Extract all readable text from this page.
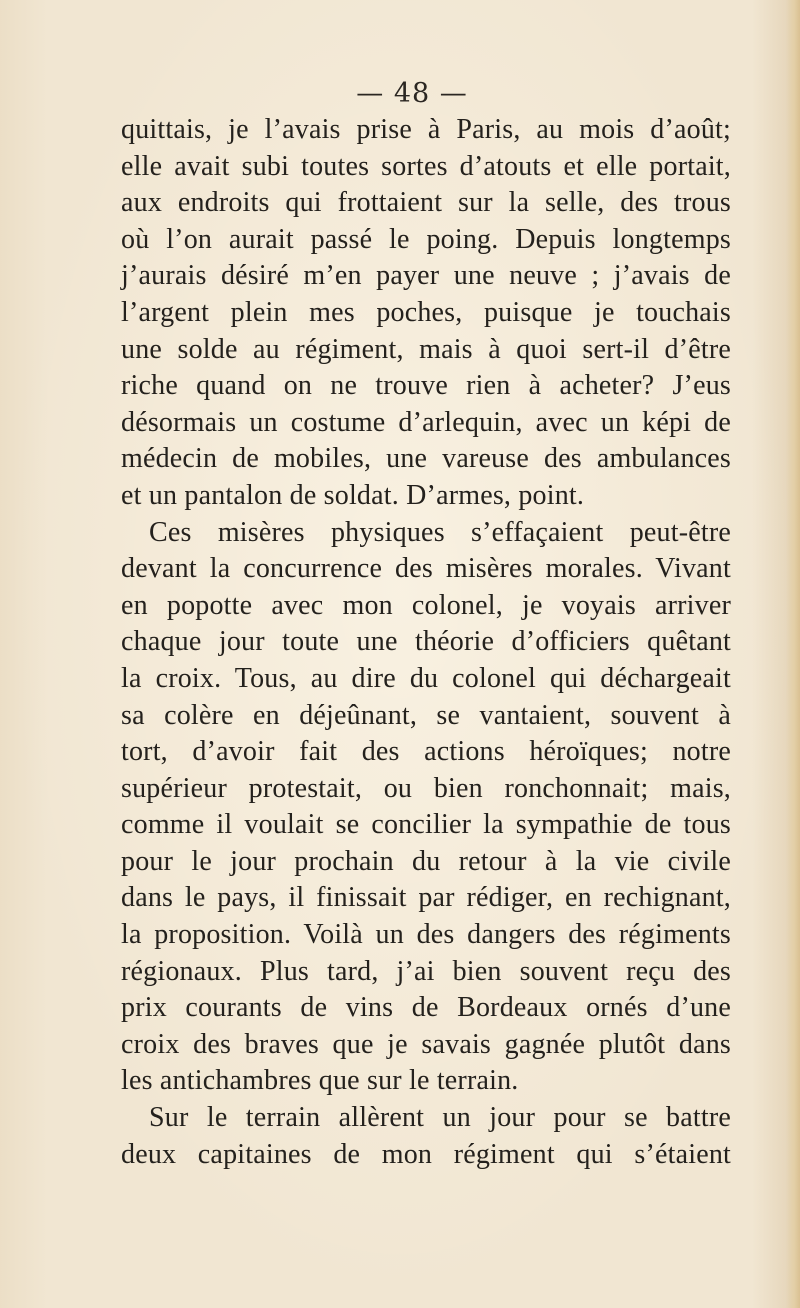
— 48 —
quittais, je l’avais prise à Paris, au mois d’août;
elle avait subi toutes sortes d’atouts et elle portait,
aux endroits qui frottaient sur la selle, des trous
où l’on aurait passé le poing. Depuis longtemps
j’aurais désiré m’en payer une neuve ; j’avais de
l’argent plein mes poches, puisque je touchais
une solde au régiment, mais à quoi sert-il d’être
riche quand on ne trouve rien à acheter? J’eus
désormais un costume d’arlequin, avec un képi de
médecin de mobiles, une vareuse des ambulances
et un pantalon de soldat. D’armes, point.
Ces misères physiques s’effaçaient peut-être
devant la concurrence des misères morales. Vivant
en popotte avec mon colonel, je voyais arriver
chaque jour toute une théorie d’officiers quêtant
la croix. Tous, au dire du colonel qui déchargeait
sa colère en déjeûnant, se vantaient, souvent à
tort, d’avoir fait des actions héroïques; notre
supérieur protestait, ou bien ronchonnait; mais,
comme il voulait se concilier la sympathie de tous
pour le jour prochain du retour à la vie civile
dans le pays, il finissait par rédiger, en rechignant,
la proposition. Voilà un des dangers des régiments
régionaux. Plus tard, j’ai bien souvent reçu des
prix courants de vins de Bordeaux ornés d’une
croix des braves que je savais gagnée plutôt dans
les antichambres que sur le terrain.
Sur le terrain allèrent un jour pour se battre
deux capitaines de mon régiment qui s’étaient
